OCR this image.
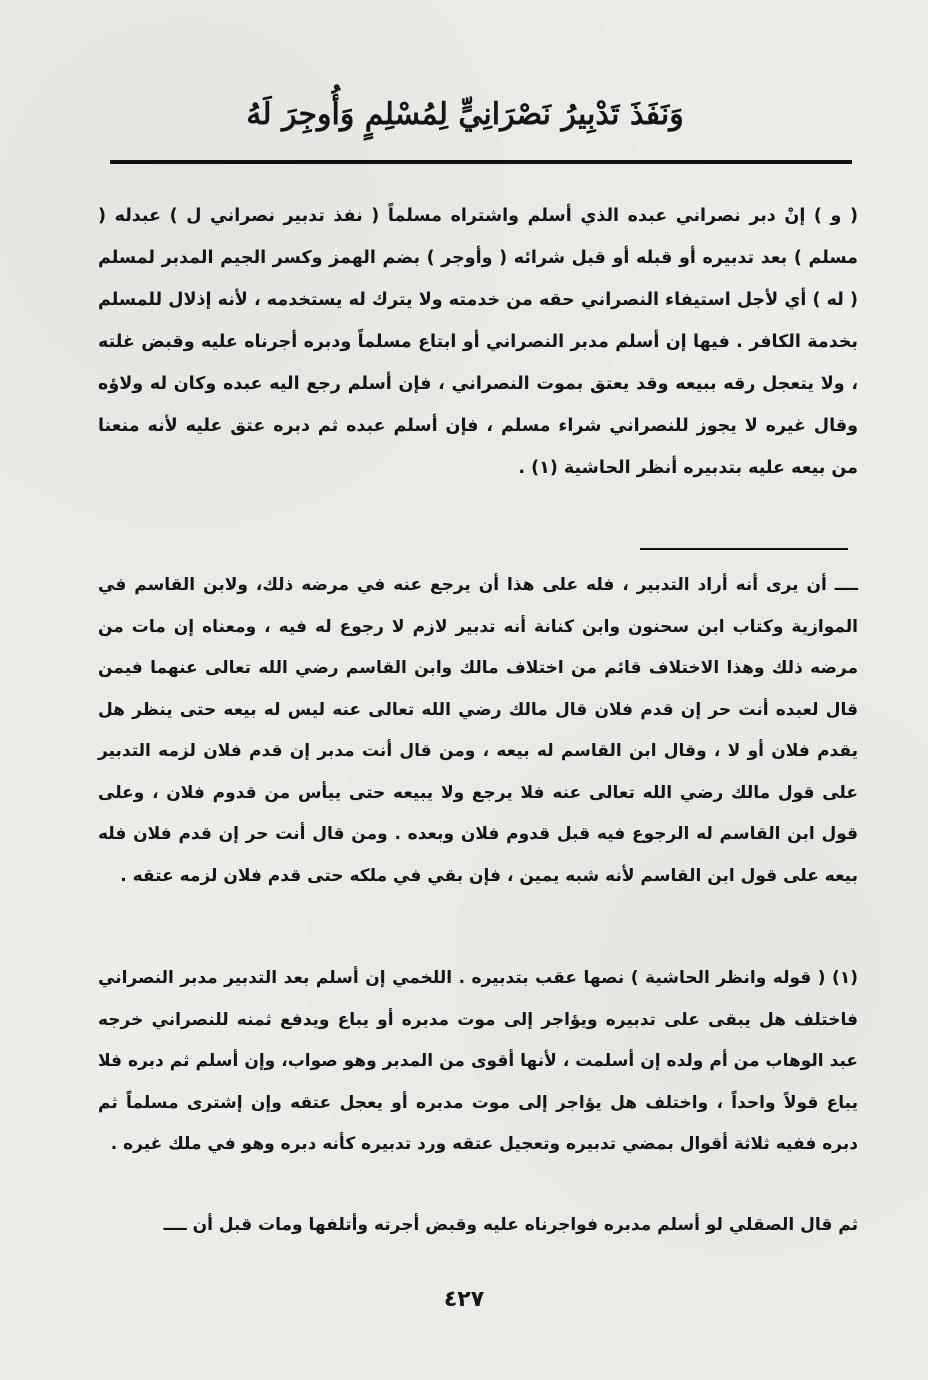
وَنَفَذَ تَدْبِيرُ نَصْرَانِيٍّ لِمُسْلِمٍ وَأُوجِرَ لَهُ

( و ) إنْ دبر نصراني عبده الذي أسلم واشتراه مسلماً ( نفذ تدبير نصراني ل ) عبدله ( مسلم ) بعد تدبيره أو قبله أو قبل شرائه ( وأوجر ) بضم الهمز وكسر الجيم المدبر لمسلم ( له ) أي لأجل استيفاء النصراني حقه من خدمته ولا يترك له يستخدمه ، لأنه إذلال للمسلم بخدمة الكافر . فيها إن أسلم مدبر النصراني أو ابتاع مسلماً ودبره أجرناه عليه وقبض غلته ، ولا يتعجل رقه ببيعه وقد يعتق بموت النصراني ، فإن أسلم رجع اليه عبده وكان له ولاؤه وقال غيره لا يجوز للنصراني شراء مسلم ، فإن أسلم عبده ثم دبره عتق عليه لأنه منعنا من بيعه عليه بتدبيره أنظر الحاشية (١) .

ــــ أن يرى أنه أراد التدبير ، فله على هذا أن يرجع عنه في مرضه ذلك، ولابن القاسم في الموازية وكتاب ابن سحنون وابن كنانة أنه تدبير لازم لا رجوع له فيه ، ومعناه إن مات من مرضه ذلك وهذا الاختلاف قائم من اختلاف مالك وابن القاسم رضي الله تعالى عنهما فيمن قال لعبده أنت حر إن قدم فلان قال مالك رضي الله تعالى عنه ليس له بيعه حتى ينظر هل يقدم فلان أو لا ، وقال ابن القاسم له بيعه ، ومن قال أنت مدبر إن قدم فلان لزمه التدبير على قول مالك رضي الله تعالى عنه فلا يرجع ولا يبيعه حتى ييأس من قدوم فلان ، وعلى قول ابن القاسم له الرجوع فيه قبل قدوم فلان وبعده . ومن قال أنت حر إن قدم فلان فله بيعه على قول ابن القاسم لأنه شبه يمين ، فإن بقي في ملكه حتى قدم فلان لزمه عتقه .

(١) ( قوله وانظر الحاشية ) نصها عقب بتدبيره . اللخمي إن أسلم بعد التدبير مدبر النصراني فاختلف هل يبقى على تدبيره ويؤاجر إلى موت مدبره أو يباع ويدفع ثمنه للنصراني خرجه عبد الوهاب من أم ولده إن أسلمت ، لأنها أقوى من المدبر وهو صواب، وإن أسلم ثم دبره فلا يباع قولاً واحداً ، واختلف هل يؤاجر إلى موت مدبره أو يعجل عتقه وإن إشترى مسلماً ثم دبره ففيه ثلاثة أقوال بمضي تدبيره وتعجيل عتقه ورد تدبيره كأنه دبره وهو في ملك غيره .

ثم قال الصقلي لو أسلم مدبره فواجرناه عليه وقبض أجرته وأتلفها ومات قبل أن ــــ
٤٢٧
